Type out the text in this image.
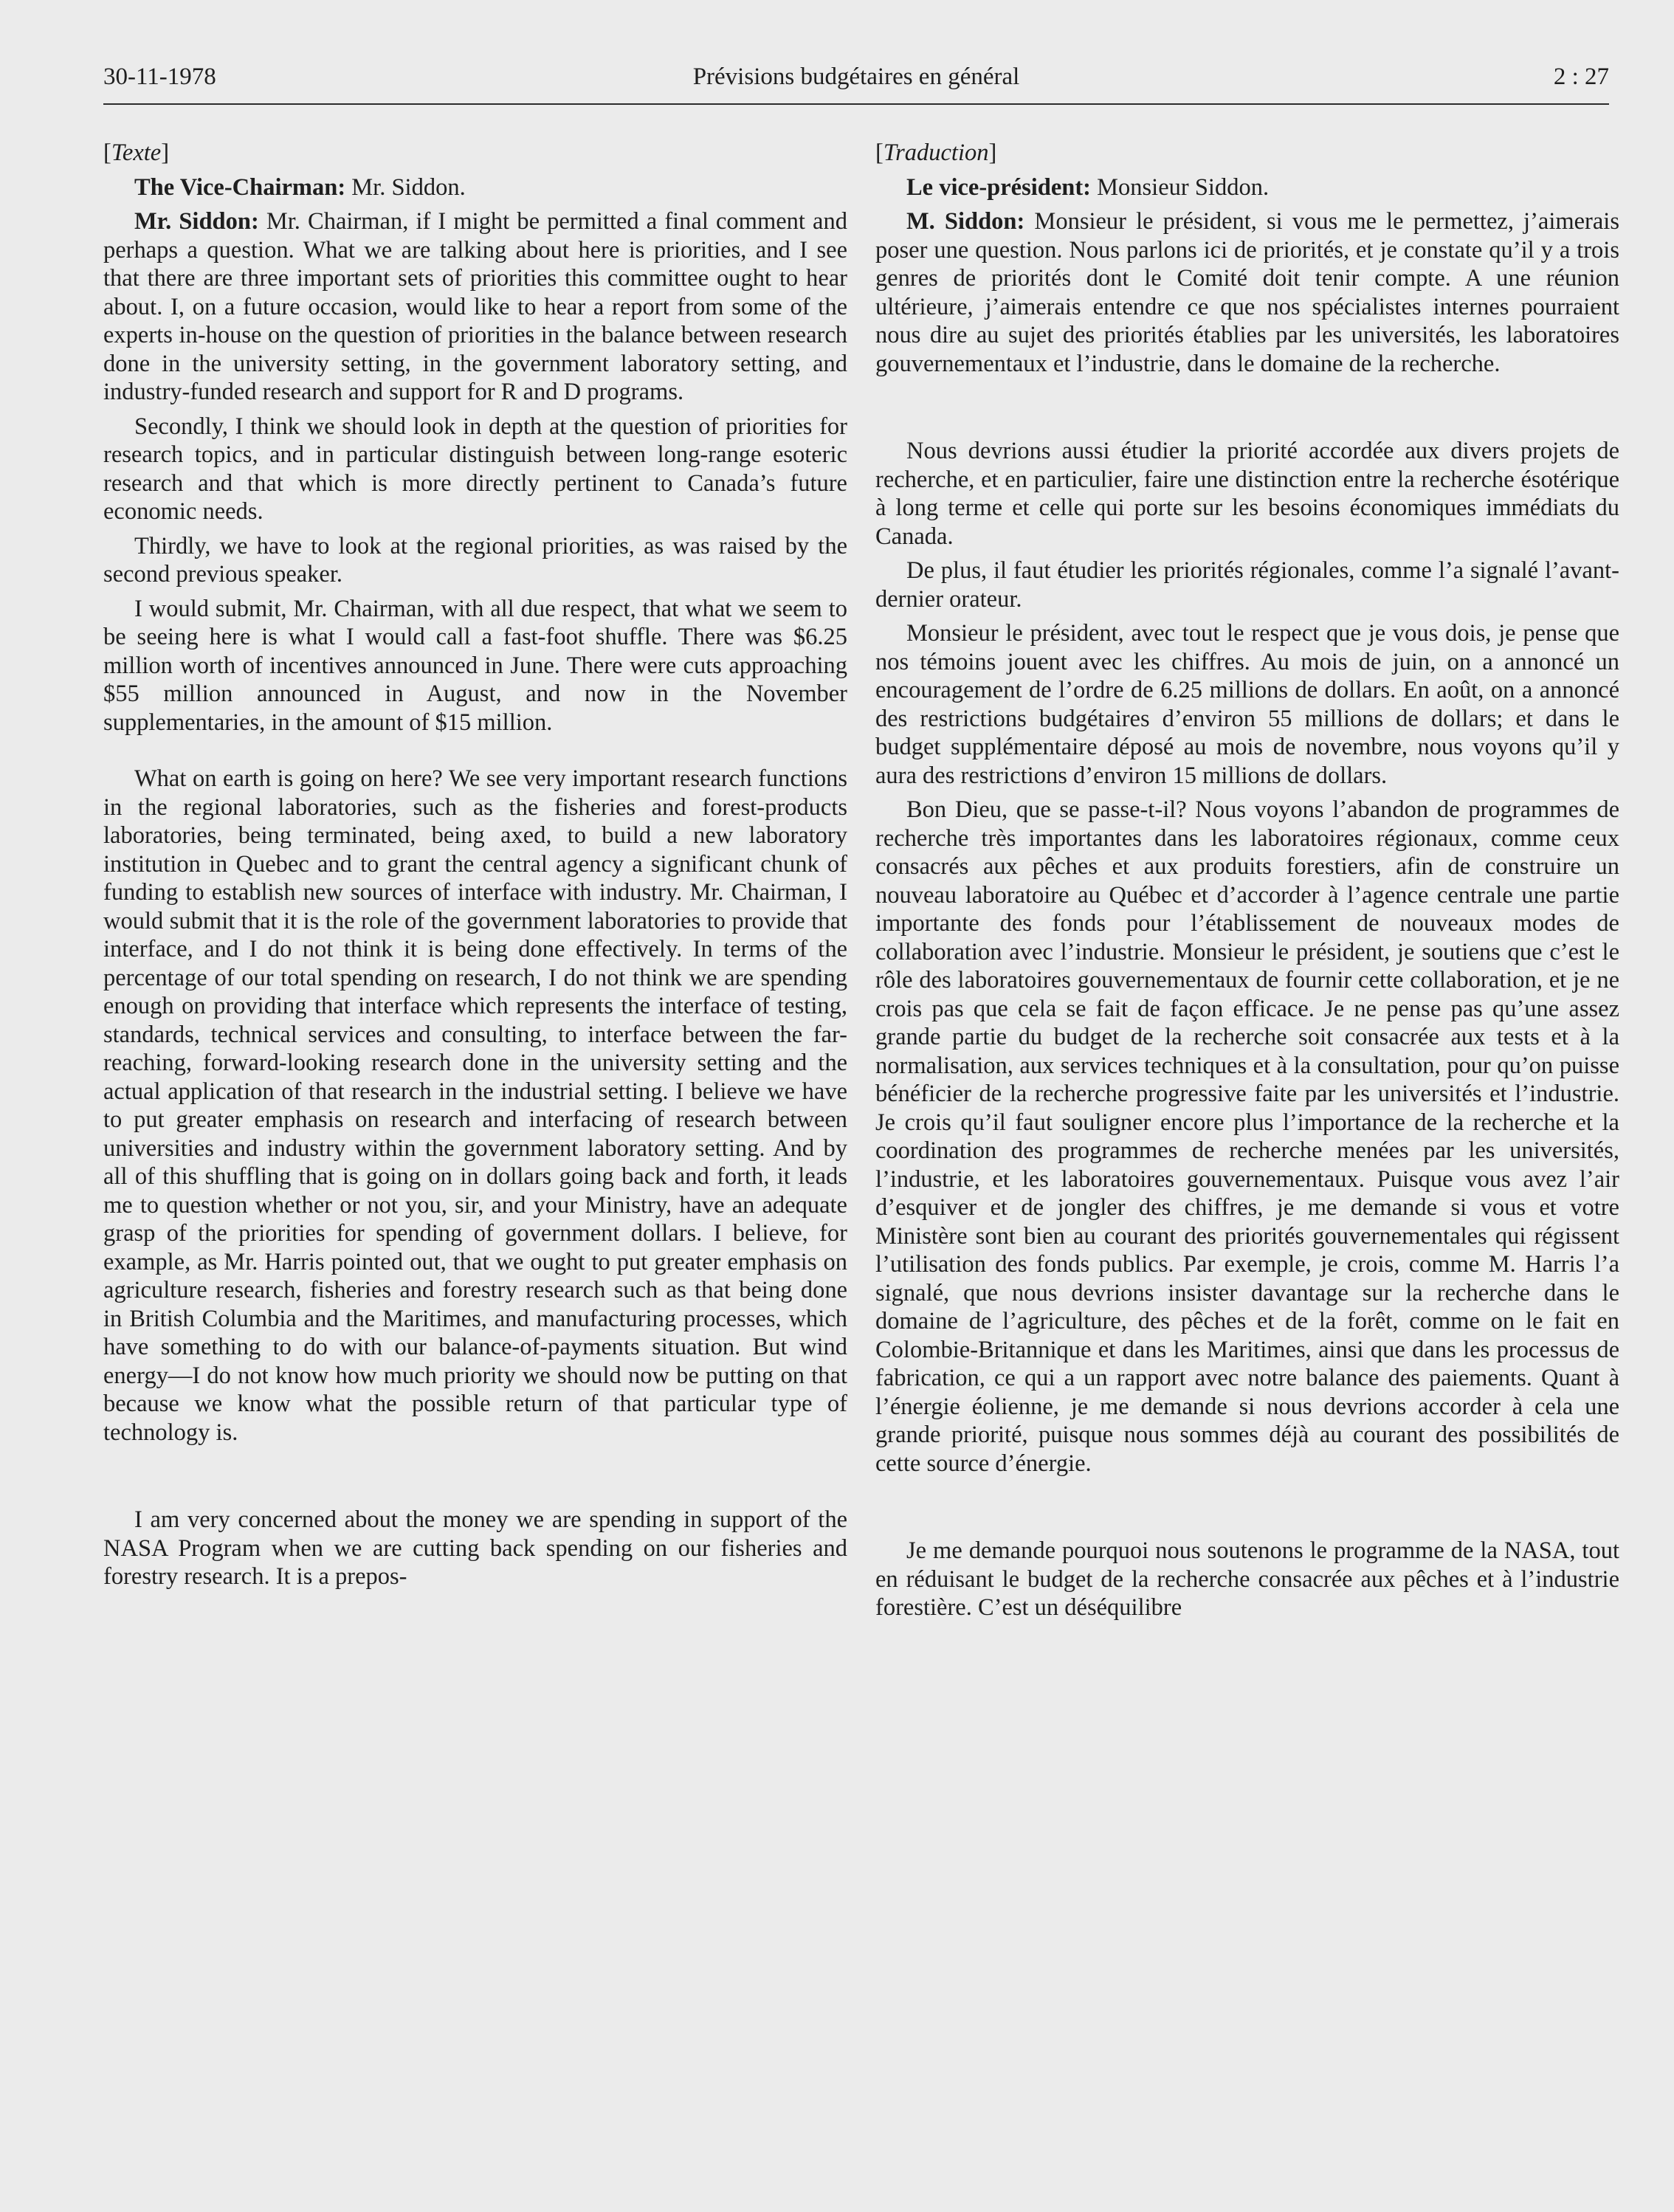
30-11-1978	Prévisions budgétaires en général	2 : 27

[Texte]

The Vice-Chairman: Mr. Siddon.

Mr. Siddon: Mr. Chairman, if I might be permitted a final comment and perhaps a question. What we are talking about here is priorities, and I see that there are three important sets of priorities this committee ought to hear about. I, on a future occasion, would like to hear a report from some of the experts in-house on the question of priorities in the balance between research done in the university setting, in the government laboratory setting, and industry-funded research and support for R and D programs.

Secondly, I think we should look in depth at the question of priorities for research topics, and in particular distinguish between long-range esoteric research and that which is more directly pertinent to Canada’s future economic needs.

Thirdly, we have to look at the regional priorities, as was raised by the second previous speaker.

I would submit, Mr. Chairman, with all due respect, that what we seem to be seeing here is what I would call a fast-foot shuffle. There was $6.25 million worth of incentives announced in June. There were cuts approaching $55 million announced in August, and now in the November supplementaries, in the amount of $15 million.

What on earth is going on here? We see very important research functions in the regional laboratories, such as the fisheries and forest-products laboratories, being terminated, being axed, to build a new laboratory institution in Quebec and to grant the central agency a significant chunk of funding to establish new sources of interface with industry. Mr. Chairman, I would submit that it is the role of the government laboratories to provide that interface, and I do not think it is being done effectively. In terms of the percentage of our total spending on research, I do not think we are spending enough on providing that interface which represents the interface of testing, standards, technical services and consulting, to interface between the far-reaching, forward-looking research done in the university setting and the actual application of that research in the industrial setting. I believe we have to put greater emphasis on research and interfacing of research between universities and industry within the government laboratory setting. And by all of this shuffling that is going on in dollars going back and forth, it leads me to question whether or not you, sir, and your Ministry, have an adequate grasp of the priorities for spending of government dollars. I believe, for example, as Mr. Harris pointed out, that we ought to put greater emphasis on agriculture research, fisheries and forestry research such as that being done in British Columbia and the Maritimes, and manufacturing processes, which have something to do with our balance-of-payments situation. But wind energy—I do not know how much priority we should now be putting on that because we know what the possible return of that particular type of technology is.

I am very concerned about the money we are spending in support of the NASA Program when we are cutting back spending on our fisheries and forestry research. It is a prepos-

[Traduction]

Le vice-président: Monsieur Siddon.

M. Siddon: Monsieur le président, si vous me le permettez, j’aimerais poser une question. Nous parlons ici de priorités, et je constate qu’il y a trois genres de priorités dont le Comité doit tenir compte. A une réunion ultérieure, j’aimerais entendre ce que nos spécialistes internes pourraient nous dire au sujet des priorités établies par les universités, les laboratoires gouvernementaux et l’industrie, dans le domaine de la recherche.

Nous devrions aussi étudier la priorité accordée aux divers projets de recherche, et en particulier, faire une distinction entre la recherche ésotérique à long terme et celle qui porte sur les besoins économiques immédiats du Canada.

De plus, il faut étudier les priorités régionales, comme l’a signalé l’avant-dernier orateur.

Monsieur le président, avec tout le respect que je vous dois, je pense que nos témoins jouent avec les chiffres. Au mois de juin, on a annoncé un encouragement de l’ordre de 6.25 millions de dollars. En août, on a annoncé des restrictions budgétaires d’environ 55 millions de dollars; et dans le budget supplémentaire déposé au mois de novembre, nous voyons qu’il y aura des restrictions d’environ 15 millions de dollars.

Bon Dieu, que se passe-t-il? Nous voyons l’abandon de programmes de recherche très importantes dans les laboratoires régionaux, comme ceux consacrés aux pêches et aux produits forestiers, afin de construire un nouveau laboratoire au Québec et d’accorder à l’agence centrale une partie importante des fonds pour l’établissement de nouveaux modes de collaboration avec l’industrie. Monsieur le président, je soutiens que c’est le rôle des laboratoires gouvernementaux de fournir cette collaboration, et je ne crois pas que cela se fait de façon efficace. Je ne pense pas qu’une assez grande partie du budget de la recherche soit consacrée aux tests et à la normalisation, aux services techniques et à la consultation, pour qu’on puisse bénéficier de la recherche progressive faite par les universités et l’industrie. Je crois qu’il faut souligner encore plus l’importance de la recherche et la coordination des programmes de recherche menées par les universités, l’industrie, et les laboratoires gouvernementaux. Puisque vous avez l’air d’esquiver et de jongler des chiffres, je me demande si vous et votre Ministère sont bien au courant des priorités gouvernementales qui régissent l’utilisation des fonds publics. Par exemple, je crois, comme M. Harris l’a signalé, que nous devrions insister davantage sur la recherche dans le domaine de l’agriculture, des pêches et de la forêt, comme on le fait en Colombie-Britannique et dans les Maritimes, ainsi que dans les processus de fabrication, ce qui a un rapport avec notre balance des paiements. Quant à l’énergie éolienne, je me demande si nous devrions accorder à cela une grande priorité, puisque nous sommes déjà au courant des possibilités de cette source d’énergie.

Je me demande pourquoi nous soutenons le programme de la NASA, tout en réduisant le budget de la recherche consacrée aux pêches et à l’industrie forestière. C’est un déséquilibre
